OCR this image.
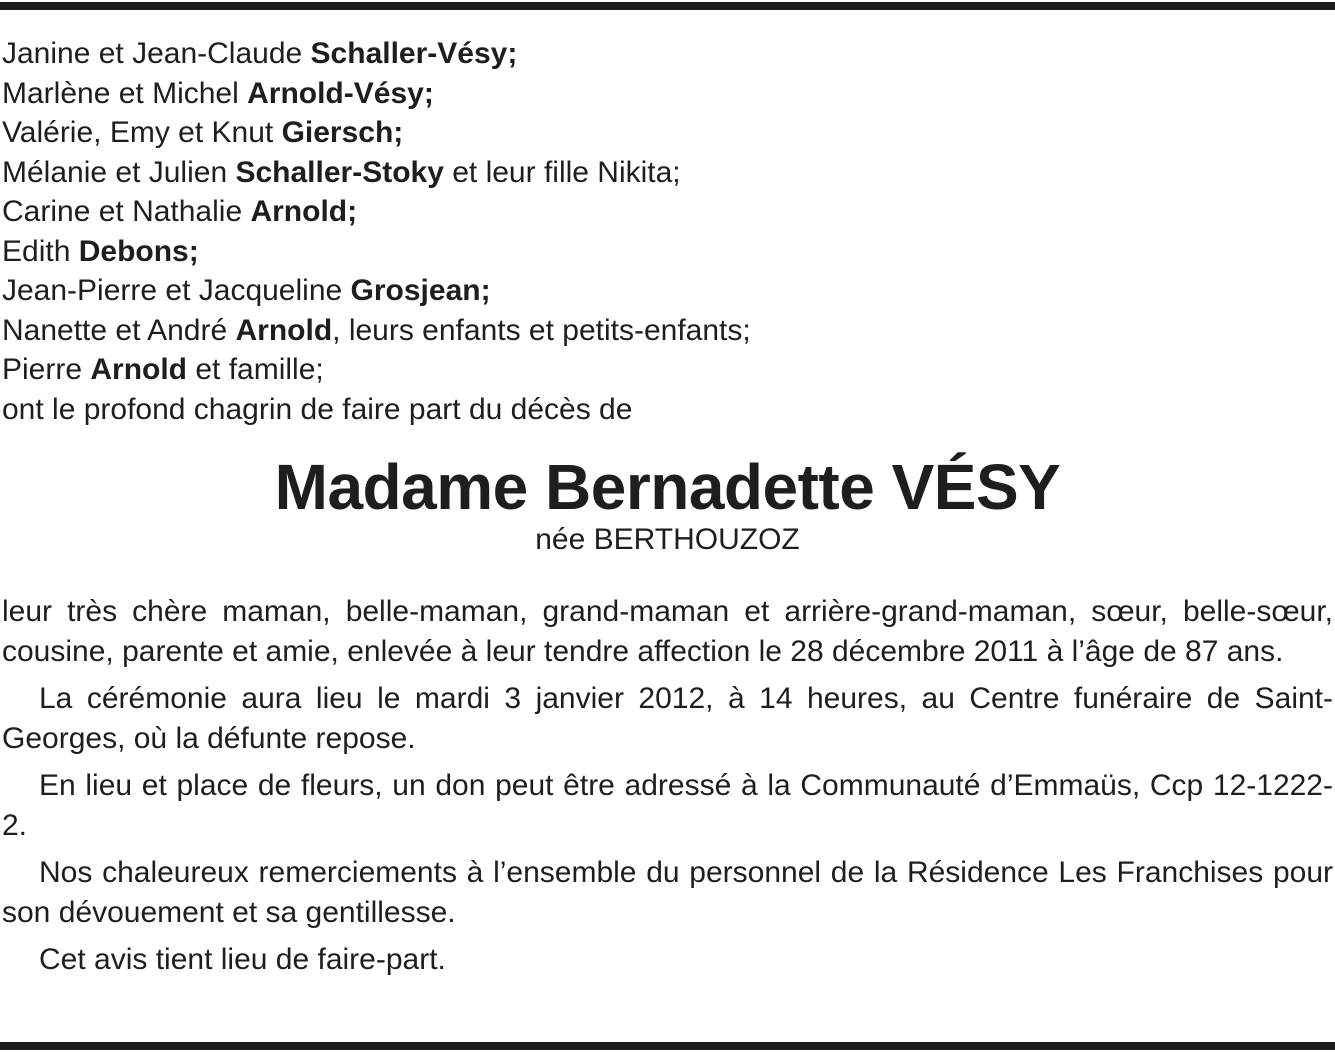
Janine et Jean-Claude Schaller-Vésy;
Marlène et Michel Arnold-Vésy;
Valérie, Emy et Knut Giersch;
Mélanie et Julien Schaller-Stoky et leur fille Nikita;
Carine et Nathalie Arnold;
Edith Debons;
Jean-Pierre et Jacqueline Grosjean;
Nanette et André Arnold, leurs enfants et petits-enfants;
Pierre Arnold et famille;
ont le profond chagrin de faire part du décès de
Madame Bernadette VÉSY
née BERTHOUZOZ

leur très chère maman, belle-maman, grand-maman et arrière-grand-maman, sœur, belle-sœur, cousine, parente et amie, enlevée à leur tendre affection le 28 décembre 2011 à l’âge de 87 ans.

La cérémonie aura lieu le mardi 3 janvier 2012, à 14 heures, au Centre funéraire de Saint-Georges, où la défunte repose.

En lieu et place de fleurs, un don peut être adressé à la Communauté d’Emmaüs, Ccp 12-1222-2.

Nos chaleureux remerciements à l’ensemble du personnel de la Résidence Les Franchises pour son dévouement et sa gentillesse.

Cet avis tient lieu de faire-part.
